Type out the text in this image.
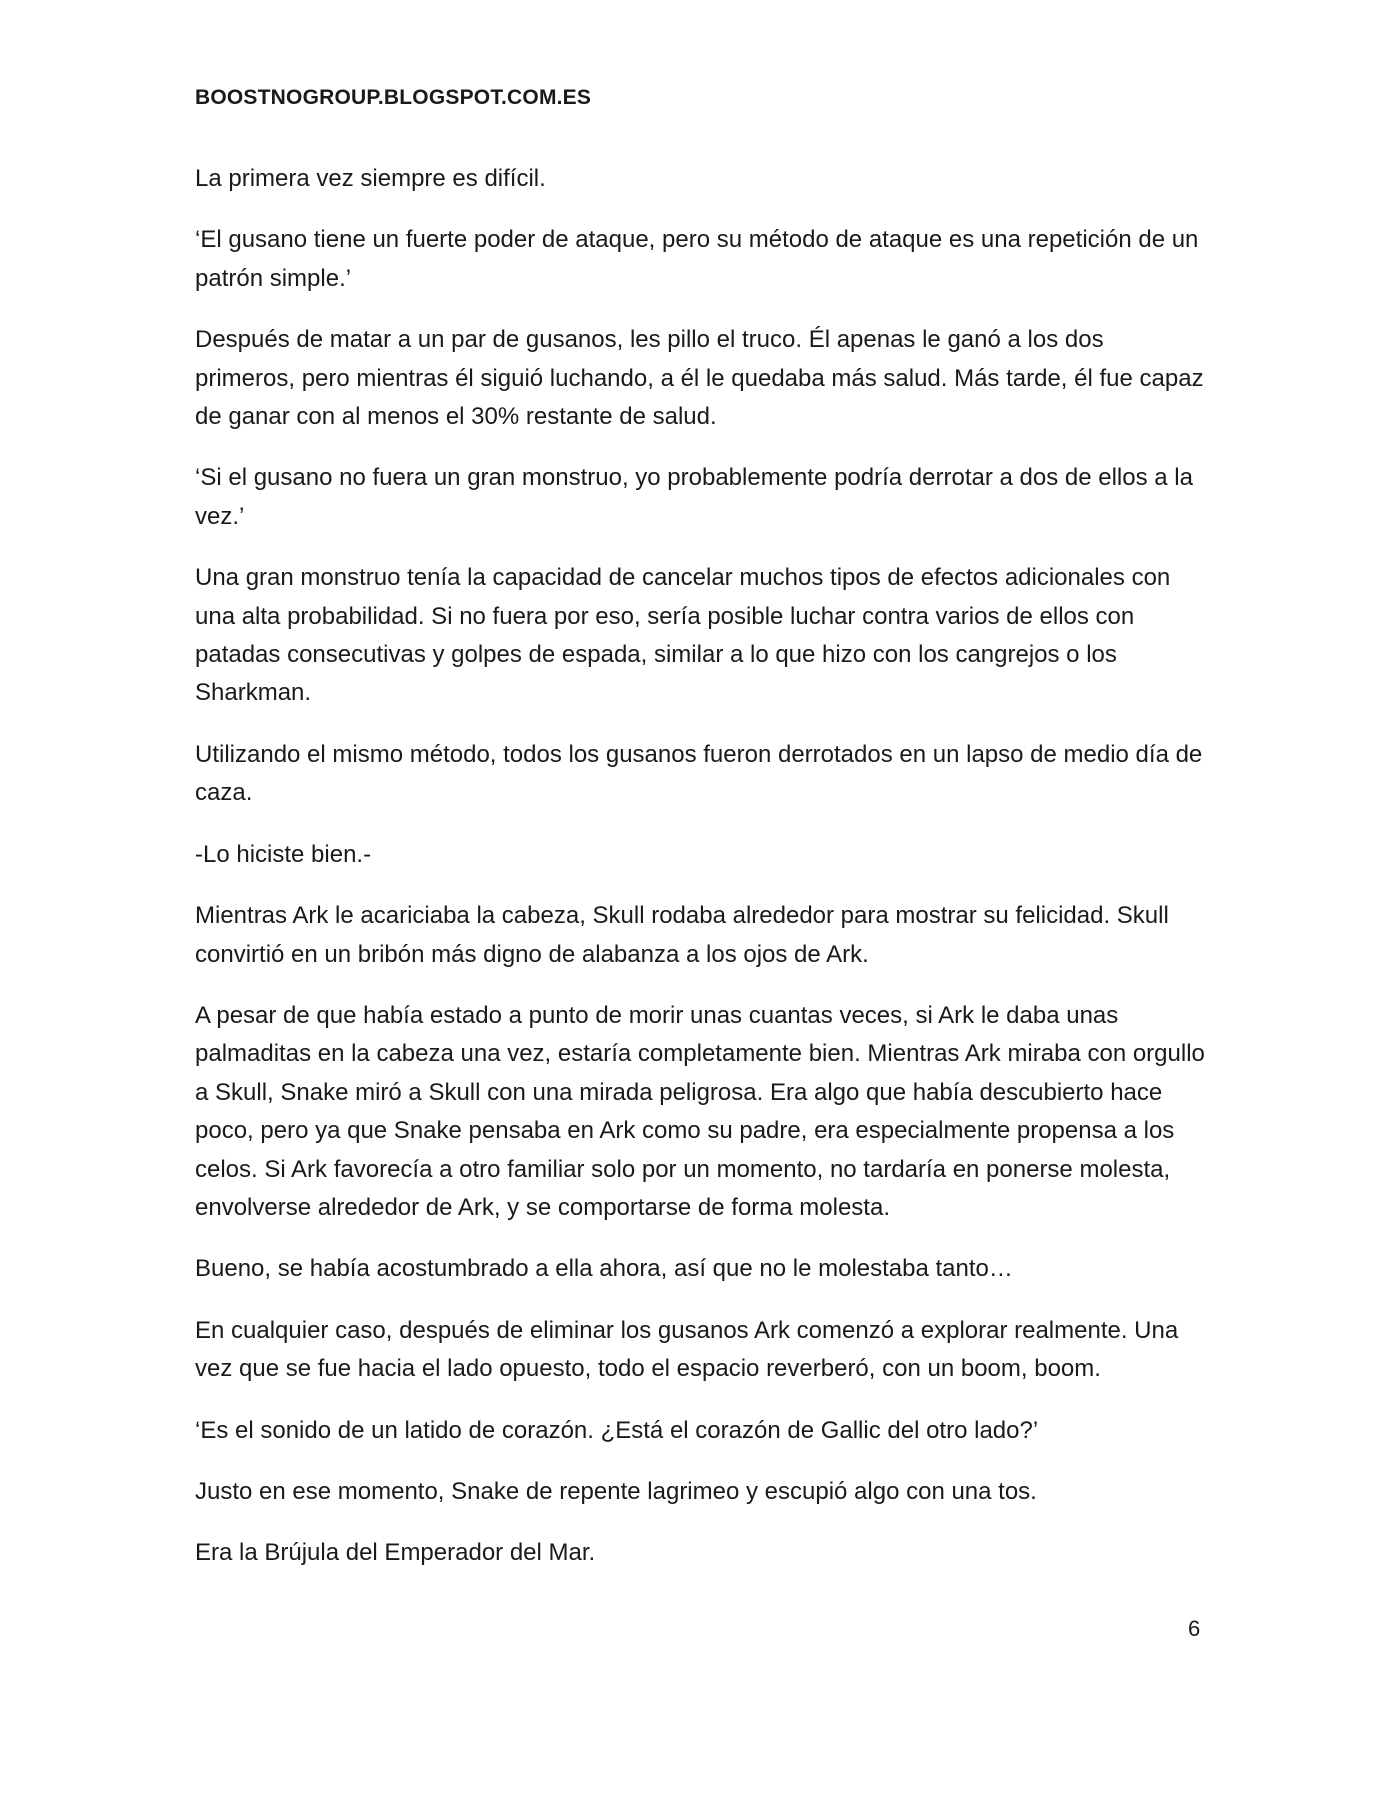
BOOSTNOGROUP.BLOGSPOT.COM.ES

La primera vez siempre es difícil.

‘El gusano tiene un fuerte poder de ataque, pero su método de ataque es una repetición de un patrón simple.’

Después de matar a un par de gusanos, les pillo el truco. Él apenas le ganó a los dos primeros, pero mientras él siguió luchando, a él le quedaba más salud. Más tarde, él fue capaz de ganar con al menos el 30% restante de salud.

‘Si el gusano no fuera un gran monstruo, yo probablemente podría derrotar a dos de ellos a la vez.’

Una gran monstruo tenía la capacidad de cancelar muchos tipos de efectos adicionales con una alta probabilidad. Si no fuera por eso, sería posible luchar contra varios de ellos con patadas consecutivas y golpes de espada, similar a lo que hizo con los cangrejos o los Sharkman.

Utilizando el mismo método, todos los gusanos fueron derrotados en un lapso de medio día de caza.

-Lo hiciste bien.-

Mientras Ark le acariciaba la cabeza, Skull rodaba alrededor para mostrar su felicidad. Skull convirtió en un bribón más digno de alabanza a los ojos de Ark.

A pesar de que había estado a punto de morir unas cuantas veces, si Ark le daba unas palmaditas en la cabeza una vez, estaría completamente bien. Mientras Ark miraba con orgullo a Skull, Snake miró a Skull con una mirada peligrosa. Era algo que había descubierto hace poco, pero ya que Snake pensaba en Ark como su padre, era especialmente propensa a los celos. Si Ark favorecía a otro familiar solo por un momento, no tardaría en ponerse molesta, envolverse alrededor de Ark, y se comportarse de forma molesta.

Bueno, se había acostumbrado a ella ahora, así que no le molestaba tanto…

En cualquier caso, después de eliminar los gusanos Ark comenzó a explorar realmente. Una vez que se fue hacia el lado opuesto, todo el espacio reverberó, con un boom, boom.

‘Es el sonido de un latido de corazón. ¿Está el corazón de Gallic del otro lado?’

Justo en ese momento, Snake de repente lagrimeo y escupió algo con una tos.

Era la Brújula del Emperador del Mar.

6
